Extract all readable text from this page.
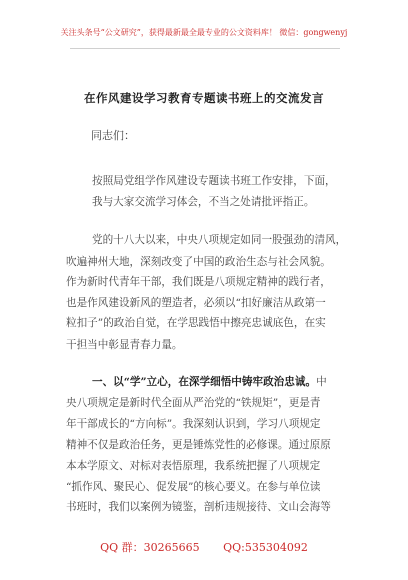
关注头条号“公文研究”，获得最新最全最专业的公文资料库！ 微信：gongwenyj
在作风建设学习教育专题读书班上的交流发言
同志们：
按照局党组学作风建设专题读书班工作安排，下面，
我与大家交流学习体会，不当之处请批评指正。
党的十八大以来，中央八项规定如同一股强劲的清风，
吹遍神州大地，深刻改变了中国的政治生态与社会风貌。
作为新时代青年干部，我们既是八项规定精神的践行者，
也是作风建设新风的塑造者，必须以“扣好廉洁从政第一
粒扣子”的政治自觉，在学思践悟中擦亮忠诚底色，在实
干担当中彰显青春力量。
一、以“学”立心，在深学细悟中铸牢政治忠诚。中
央八项规定是新时代全面从严治党的“铁规矩”，更是青
年干部成长的“方向标”。我深刻认识到，学习八项规定
精神不仅是政治任务，更是锤炼党性的必修课。通过原原
本本学原文、对标对表悟原理，我系统把握了八项规定
“抓作风、聚民心、促发展”的核心要义。在参与单位读
书班时，我们以案例为镜鉴，剖析违规接待、文山会海等
QQ 群：30265665 QQ:535304092
